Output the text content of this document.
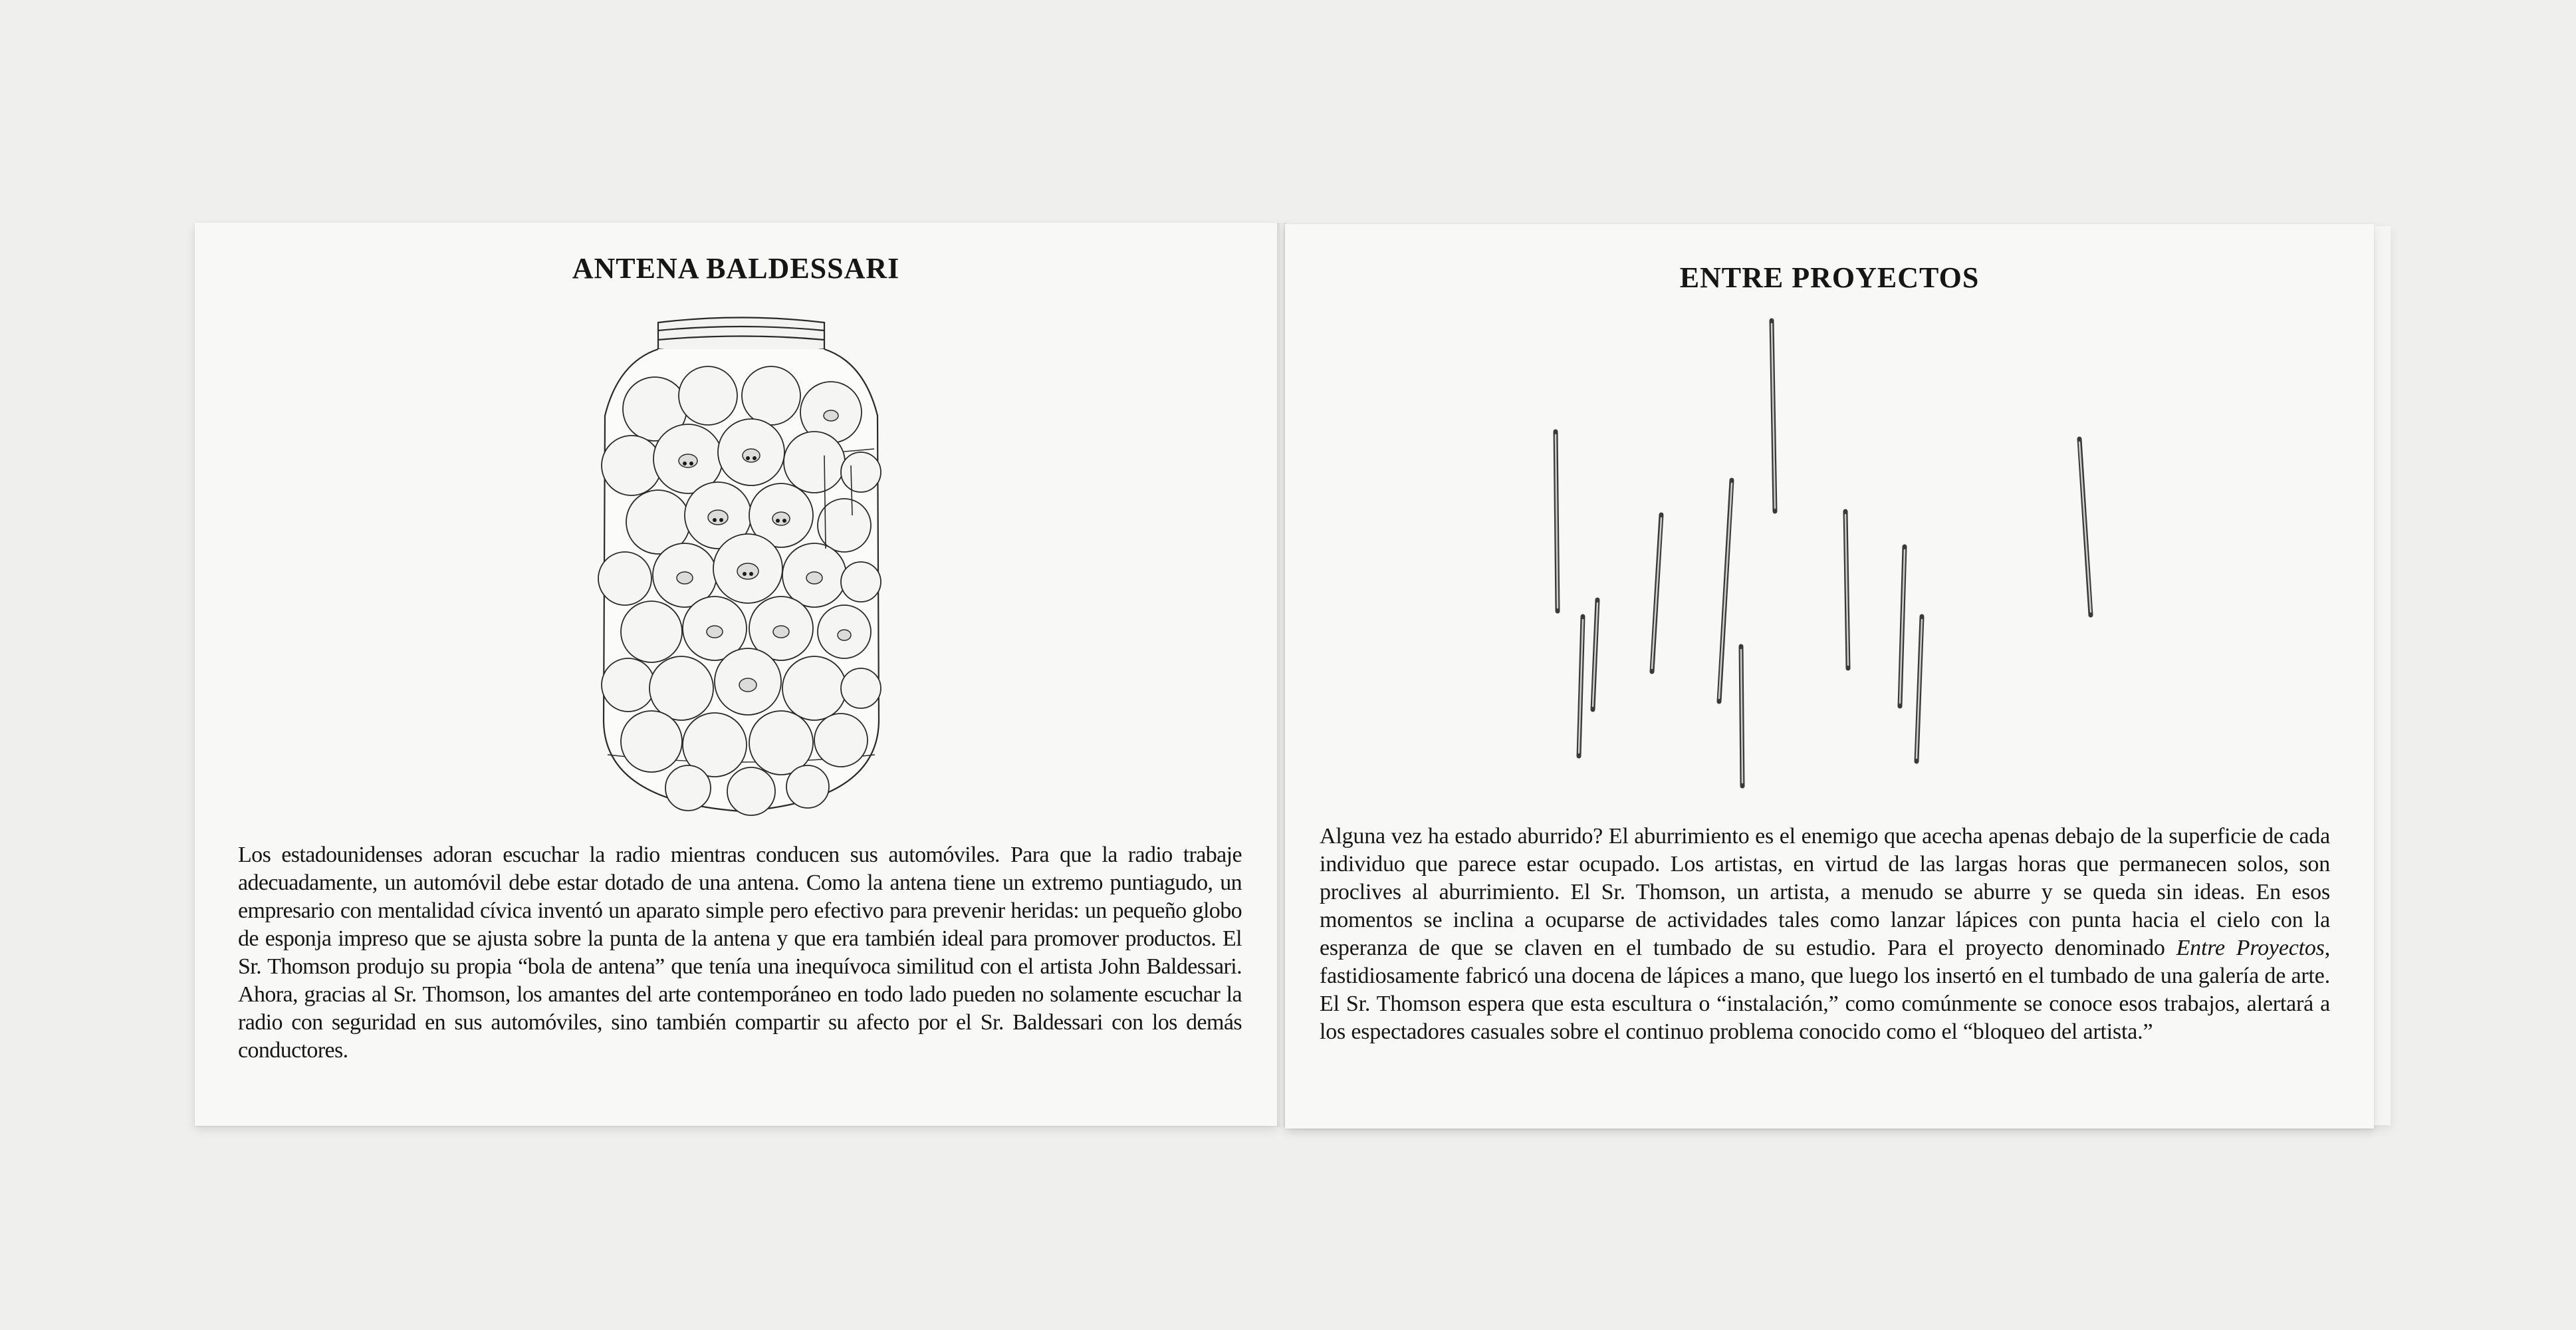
ANTENA BALDESSARI

Los estadounidenses adoran escuchar la radio mientras conducen sus automóviles. Para que la radio trabaje adecuadamente, un automóvil debe estar dotado de una antena. Como la antena tiene un extremo puntiagudo, un empresario con mentalidad cívica inventó un aparato simple pero efectivo para prevenir heridas: un pequeño globo de esponja impreso que se ajusta sobre la punta de la antena y que era también ideal para promover productos. El Sr. Thomson produjo su propia “bola de antena” que tenía una inequívoca similitud con el artista John Baldessari. Ahora, gracias al Sr. Thomson, los amantes del arte contemporáneo en todo lado pueden no solamente escuchar la radio con seguridad en sus automóviles, sino también compartir su afecto por el Sr. Baldessari con los demás conductores.

ENTRE PROYECTOS

Alguna vez ha estado aburrido? El aburrimiento es el enemigo que acecha apenas debajo de la superficie de cada individuo que parece estar ocupado. Los artistas, en virtud de las largas horas que permanecen solos, son proclives al aburrimiento. El Sr. Thomson, un artista, a menudo se aburre y se queda sin ideas. En esos momentos se inclina a ocuparse de actividades tales como lanzar lápices con punta hacia el cielo con la esperanza de que se claven en el tumbado de su estudio. Para el proyecto denominado Entre Proyectos, fastidiosamente fabricó una docena de lápices a mano, que luego los insertó en el tumbado de una galería de arte. El Sr. Thomson espera que esta escultura o “instalación,” como comúnmente se conoce esos trabajos, alertará a los espectadores casuales sobre el continuo problema conocido como el “bloqueo del artista.”
